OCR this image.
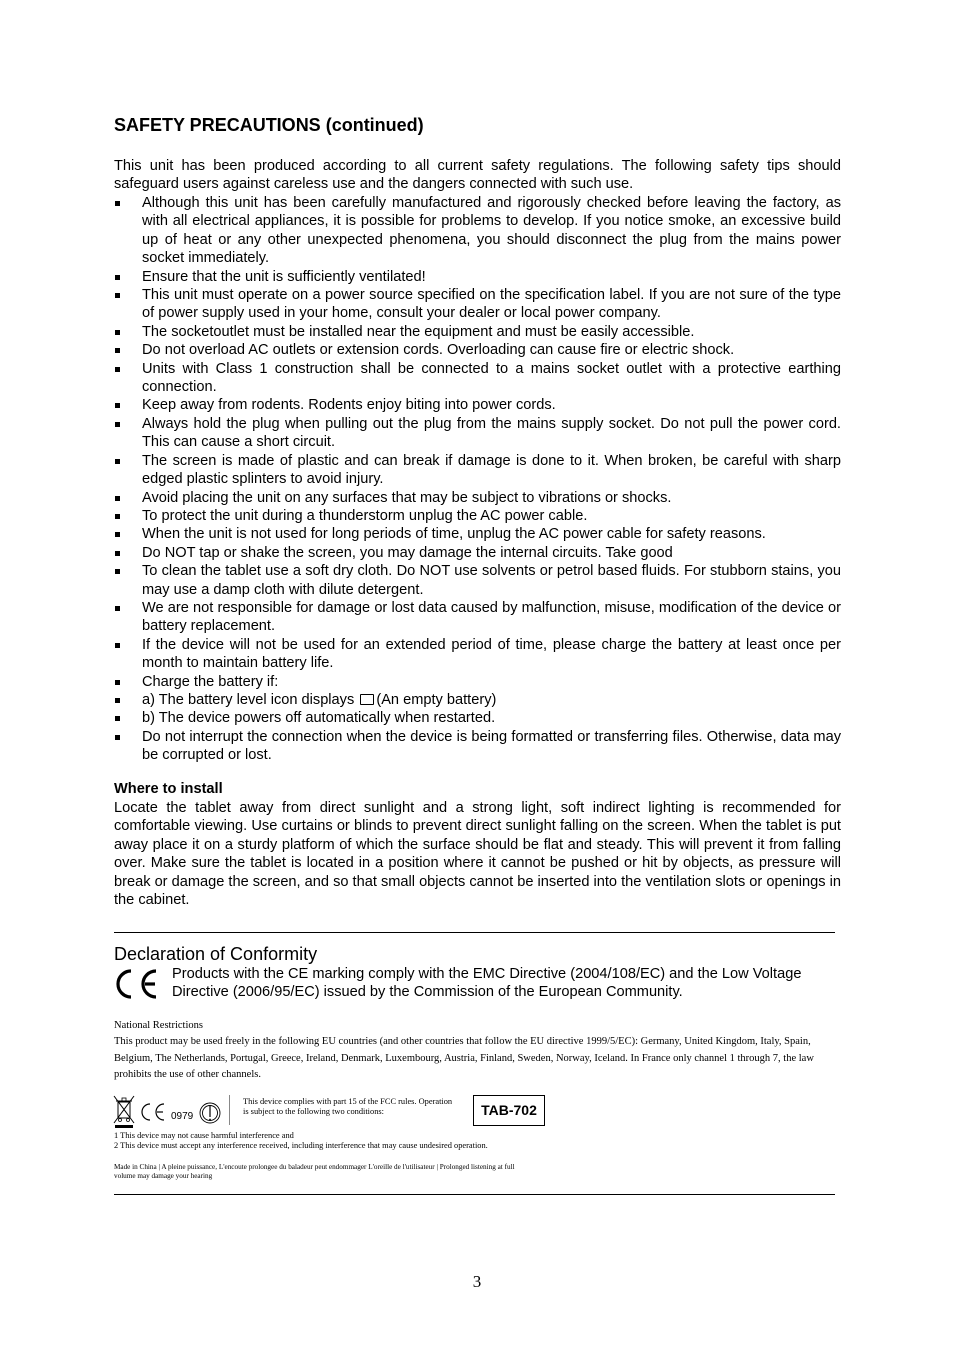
SAFETY PRECAUTIONS (continued)

This unit has been produced according to all current safety regulations. The following safety tips should safeguard users against careless use and the dangers connected with such use.

Although this unit has been carefully manufactured and rigorously checked before leaving the factory, as with all electrical appliances, it is possible for problems to develop. If you notice smoke, an excessive build up of heat or any other unexpected phenomena, you should disconnect the plug from the mains power socket immediately.
Ensure that the unit is sufficiently ventilated!
This unit must operate on a power source specified on the specification label. If you are not sure of the type of power supply used in your home, consult your dealer or local power company.
The socketoutlet must be installed near the equipment and must be easily accessible.
Do not overload AC outlets or extension cords. Overloading can cause fire or electric shock.
Units with Class 1 construction shall be connected to a mains socket outlet with a protective earthing connection.
Keep away from rodents. Rodents enjoy biting into power cords.
Always hold the plug when pulling out the plug from the mains supply socket. Do not pull the power cord. This can cause a short circuit.
The screen is made of plastic and can break if damage is done to it. When broken, be careful with sharp edged plastic splinters to avoid injury.
Avoid placing the unit on any surfaces that may be subject to vibrations or shocks.
To protect the unit during a thunderstorm unplug the AC power cable.
When the unit is not used for long periods of time, unplug the AC power cable for safety reasons.
Do NOT tap or shake the screen, you may damage the internal circuits. Take good
To clean the tablet use a soft dry cloth. Do NOT use solvents or petrol based fluids. For stubborn stains, you may use a damp cloth with dilute detergent.
We are not responsible for damage or lost data caused by malfunction, misuse, modification of the device or battery replacement.
If the device will not be used for an extended period of time, please charge the battery at least once per month to maintain battery life.
Charge the battery if:
a) The battery level icon displays (An empty battery)
b) The device powers off automatically when restarted.
Do not interrupt the connection when the device is being formatted or transferring files. Otherwise, data may be corrupted or lost.
Where to install

Locate the tablet away from direct sunlight and a strong light, soft indirect lighting is recommended for comfortable viewing. Use curtains or blinds to prevent direct sunlight falling on the screen. When the tablet is put away place it on a sturdy platform of which the surface should be flat and steady. This will prevent it from falling over. Make sure the tablet is located in a position where it cannot be pushed or hit by objects, as pressure will break or damage the screen, and so that small objects cannot be inserted into the ventilation slots or openings in the cabinet.

Declaration of Conformity

Products with the CE marking comply with the EMC Directive (2004/108/EC) and the Low Voltage Directive (2006/95/EC) issued by the Commission of the European Community.

National Restrictions

This product may be used freely in the following EU countries (and other countries that follow the EU directive 1999/5/EC): Germany, United Kingdom, Italy, Spain, Belgium, The Netherlands, Portugal, Greece, Ireland, Denmark, Luxembourg, Austria, Finland, Sweden, Norway, Iceland. In France only channel 1 through 7, the law prohibits the use of other channels.

0979

This device complies with part 15 of the FCC rules. Operation is subject to the following two conditions:	TAB-702
1 This device may not cause harmful interference and

2 This device must accept any interference received, including interference that may cause undesired operation.

Made in China | A pleine puissance, L'encoute prolongee du baladeur peut endommager L'oreille de l'utilisateur | Prolonged listening at full volume may damage your hearing

3
